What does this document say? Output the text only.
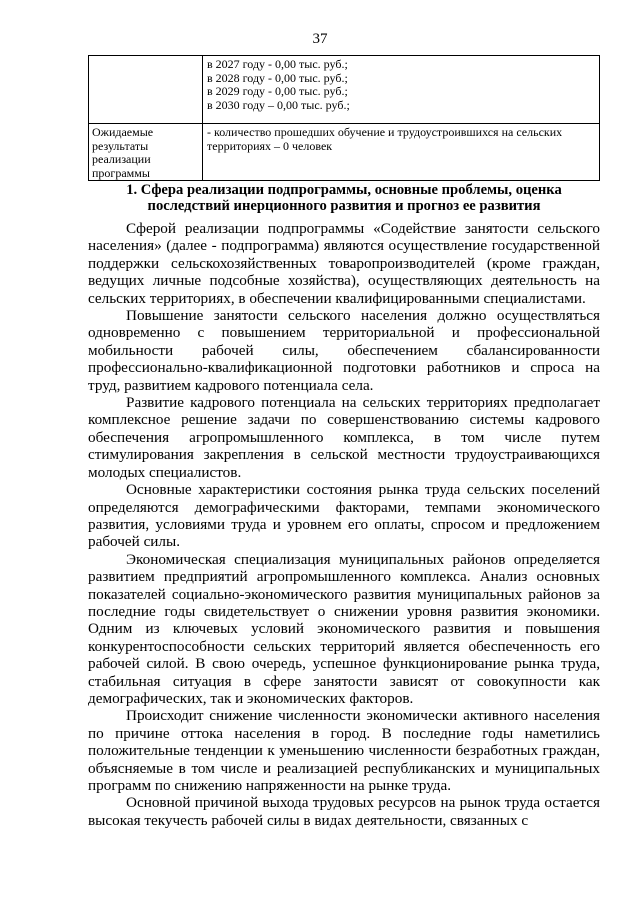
37

	в 2027 году - 0,00 тыс. руб.;
в 2028 году - 0,00 тыс. руб.;
в 2029 году - 0,00 тыс. руб.;
в 2030 году – 0,00 тыс. руб.;

Ожидаемые
результаты
реализации
программы	- количество прошедших обучение и трудоустроившихся на сельских территориях – 0 человек
1. Сфера реализации подпрограммы, основные проблемы, оценка
последствий инерционного развития и прогноз ее развития

Сферой реализации подпрограммы «Содействие занятости сельского населения» (далее - подпрограмма) являются осуществление государственной поддержки сельскохозяйственных товаропроизводителей (кроме граждан, ведущих личные подсобные хозяйства), осуществляющих деятельность на сельских территориях, в обеспечении квалифицированными специалистами.

Повышение занятости сельского населения должно осуществляться одновременно с повышением территориальной и профессиональной мобильности рабочей силы, обеспечением сбалансированности профессионально-квалификационной подготовки работников и спроса на труд, развитием кадрового потенциала села.

Развитие кадрового потенциала на сельских территориях предполагает комплексное решение задачи по совершенствованию системы кадрового обеспечения агропромышленного комплекса, в том числе путем стимулирования закрепления в сельской местности трудоустраивающихся молодых специалистов.

Основные характеристики состояния рынка труда сельских поселений определяются демографическими факторами, темпами экономического развития, условиями труда и уровнем его оплаты, спросом и предложением рабочей силы.

Экономическая специализация муниципальных районов определяется развитием предприятий агропромышленного комплекса. Анализ основных показателей социально-экономического развития муниципальных районов за последние годы свидетельствует о снижении уровня развития экономики. Одним из ключевых условий экономического развития и повышения конкурентоспособности сельских территорий является обеспеченность его рабочей силой. В свою очередь, успешное функционирование рынка труда, стабильная ситуация в сфере занятости зависят от совокупности как демографических, так и экономических факторов.

Происходит снижение численности экономически активного населения по причине оттока населения в город. В последние годы наметились положительные тенденции к уменьшению численности безработных граждан, объясняемые в том числе и реализацией республиканских и муниципальных программ по снижению напряженности на рынке труда.

Основной причиной выхода трудовых ресурсов на рынок труда остается высокая текучесть рабочей силы в видах деятельности, связанных с
